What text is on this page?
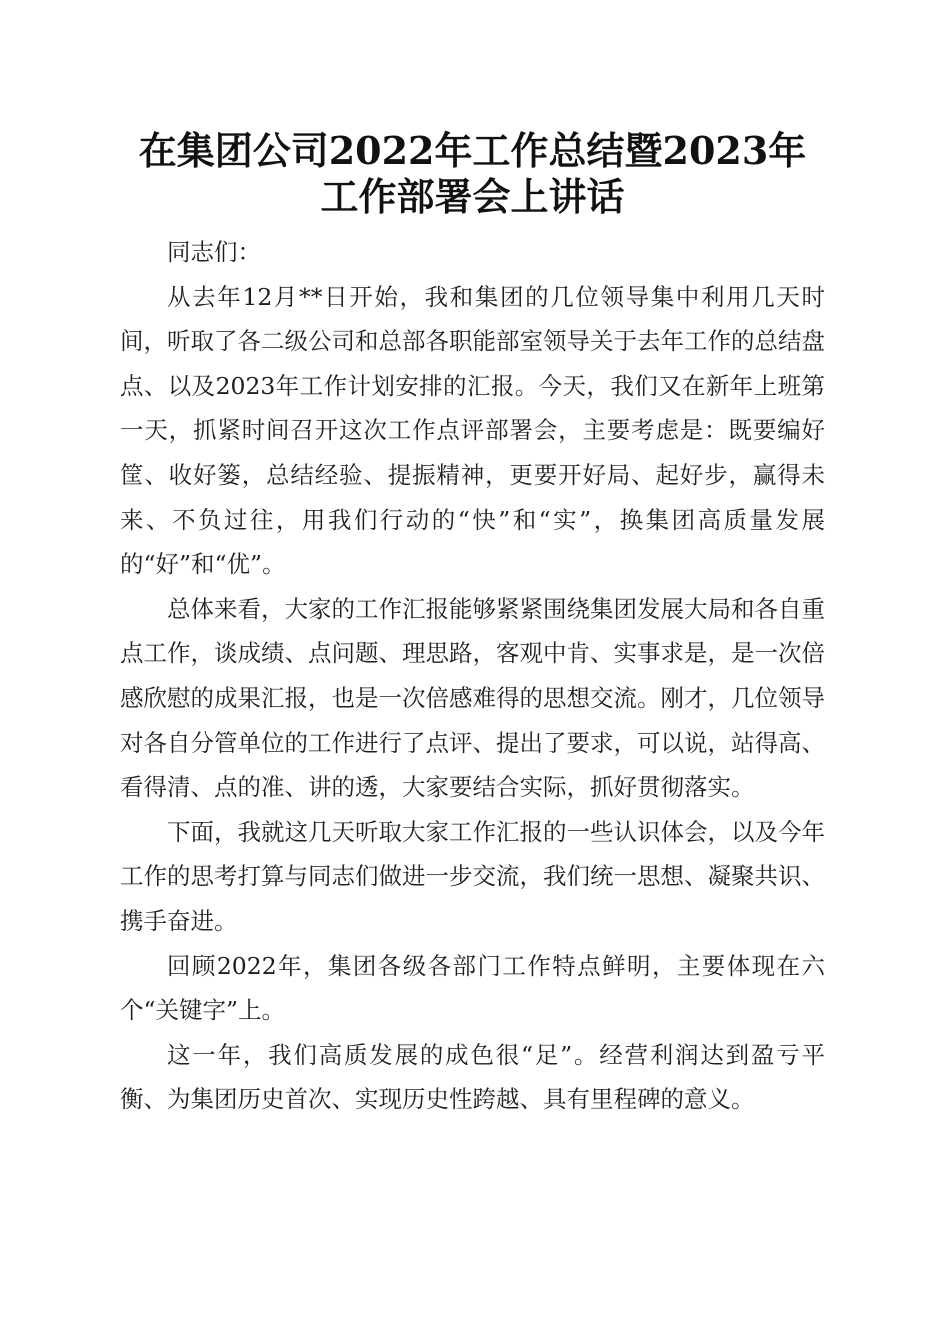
在集团公司2022年工作总结暨2023年工作部署会上讲话

同志们：

从去年12月**日开始，我和集团的几位领导集中利用几天时间，听取了各二级公司和总部各职能部室领导关于去年工作的总结盘点、以及2023年工作计划安排的汇报。今天，我们又在新年上班第一天，抓紧时间召开这次工作点评部署会，主要考虑是：既要编好筐、收好篓，总结经验、提振精神，更要开好局、起好步，赢得未来、不负过往，用我们行动的“快”和“实”，换集团高质量发展的“好”和“优”。

总体来看，大家的工作汇报能够紧紧围绕集团发展大局和各自重点工作，谈成绩、点问题、理思路，客观中肯、实事求是，是一次倍感欣慰的成果汇报，也是一次倍感难得的思想交流。刚才，几位领导对各自分管单位的工作进行了点评、提出了要求，可以说，站得高、看得清、点的准、讲的透，大家要结合实际，抓好贯彻落实。

下面，我就这几天听取大家工作汇报的一些认识体会，以及今年工作的思考打算与同志们做进一步交流，我们统一思想、凝聚共识、携手奋进。

回顾2022年，集团各级各部门工作特点鲜明，主要体现在六个“关键字”上。

这一年，我们高质发展的成色很“足”。经营利润达到盈亏平衡、为集团历史首次、实现历史性跨越、具有里程碑的意义。
